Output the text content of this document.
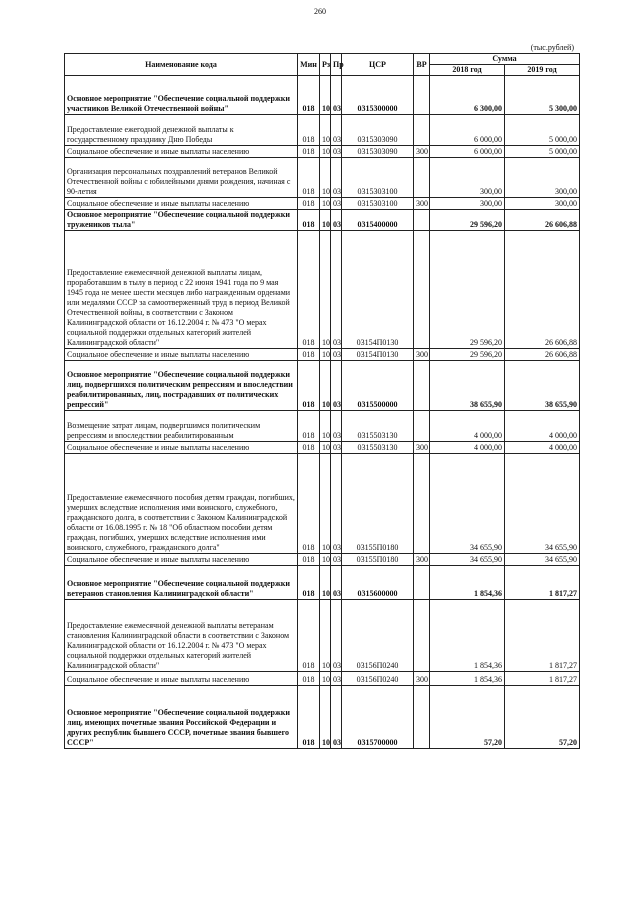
260
(тыс.рублей)
Наименование кода	Мин	Рз	Пр	ЦСР	ВР	Сумма	
						2018 год	2019 год
Основное мероприятие "Обеспечение социальной поддержки участников Великой Отечественной войны"	018	10	03	0315300000		6 300,00	5 300,00
Предоставление ежегодной денежной выплаты к государственному празднику Дню Победы	018	10	03	0315303090		6 000,00	5 000,00
Социальное обеспечение и иные выплаты населению	018	10	03	0315303090	300	6 000,00	5 000,00
Организация персональных поздравлений ветеранов Великой Отечественной войны с юбилейными днями рождения, начиная с 90-летия	018	10	03	0315303100		300,00	300,00
Социальное обеспечение и иные выплаты населению	018	10	03	0315303100	300	300,00	300,00
Основное мероприятие "Обеспечение социальной поддержки тружеников тыла"	018	10	03	0315400000		29 596,20	26 606,88
Предоставление ежемесячной денежной выплаты лицам, проработавшим в тылу в период с 22 июня 1941 года по 9 мая 1945 года не менее шести месяцев либо награжденным орденами или медалями СССР за самоотверженный труд в период Великой Отечественной войны, в соответствии с Законом Калининградской области от 16.12.2004 г. № 473 "О мерах социальной поддержки отдельных категорий жителей Калининградской области"	018	10	03	03154П0130		29 596,20	26 606,88
Социальное обеспечение и иные выплаты населению	018	10	03	03154П0130	300	29 596,20	26 606,88
Основное мероприятие "Обеспечение социальной поддержки лиц, подвергшихся политическим репрессиям и впоследствии реабилитированных, лиц, пострадавших от политических репрессий"	018	10	03	0315500000		38 655,90	38 655,90
Возмещение затрат лицам, подвергшимся политическим репрессиям и впоследствии реабилитированным	018	10	03	0315503130		4 000,00	4 000,00
Социальное обеспечение и иные выплаты населению	018	10	03	0315503130	300	4 000,00	4 000,00
Предоставление ежемесячного пособия детям граждан, погибших, умерших вследствие исполнения ими воинского, служебного, гражданского долга, в соответствии с Законом Калининградской области от 16.08.1995 г. № 18 "Об областном пособии детям граждан, погибших, умерших вследствие исполнения ими воинского, служебного, гражданского долга"	018	10	03	03155П0180		34 655,90	34 655,90
Социальное обеспечение и иные выплаты населению	018	10	03	03155П0180	300	34 655,90	34 655,90
Основное мероприятие "Обеспечение социальной поддержки ветеранов становления Калининградской области"	018	10	03	0315600000		1 854,36	1 817,27
Предоставление ежемесячной денежной выплаты ветеранам становления Калининградской области в соответствии с Законом Калининградской области от 16.12.2004 г. № 473 "О мерах социальной поддержки отдельных категорий жителей Калининградской области"	018	10	03	03156П0240		1 854,36	1 817,27
Социальное обеспечение и иные выплаты населению	018	10	03	03156П0240	300	1 854,36	1 817,27
Основное мероприятие "Обеспечение социальной поддержки лиц, имеющих почетные звания Российской Федерации и других республик бывшего СССР, почетные звания бывшего СССР"	018	10	03	0315700000		57,20	57,20
